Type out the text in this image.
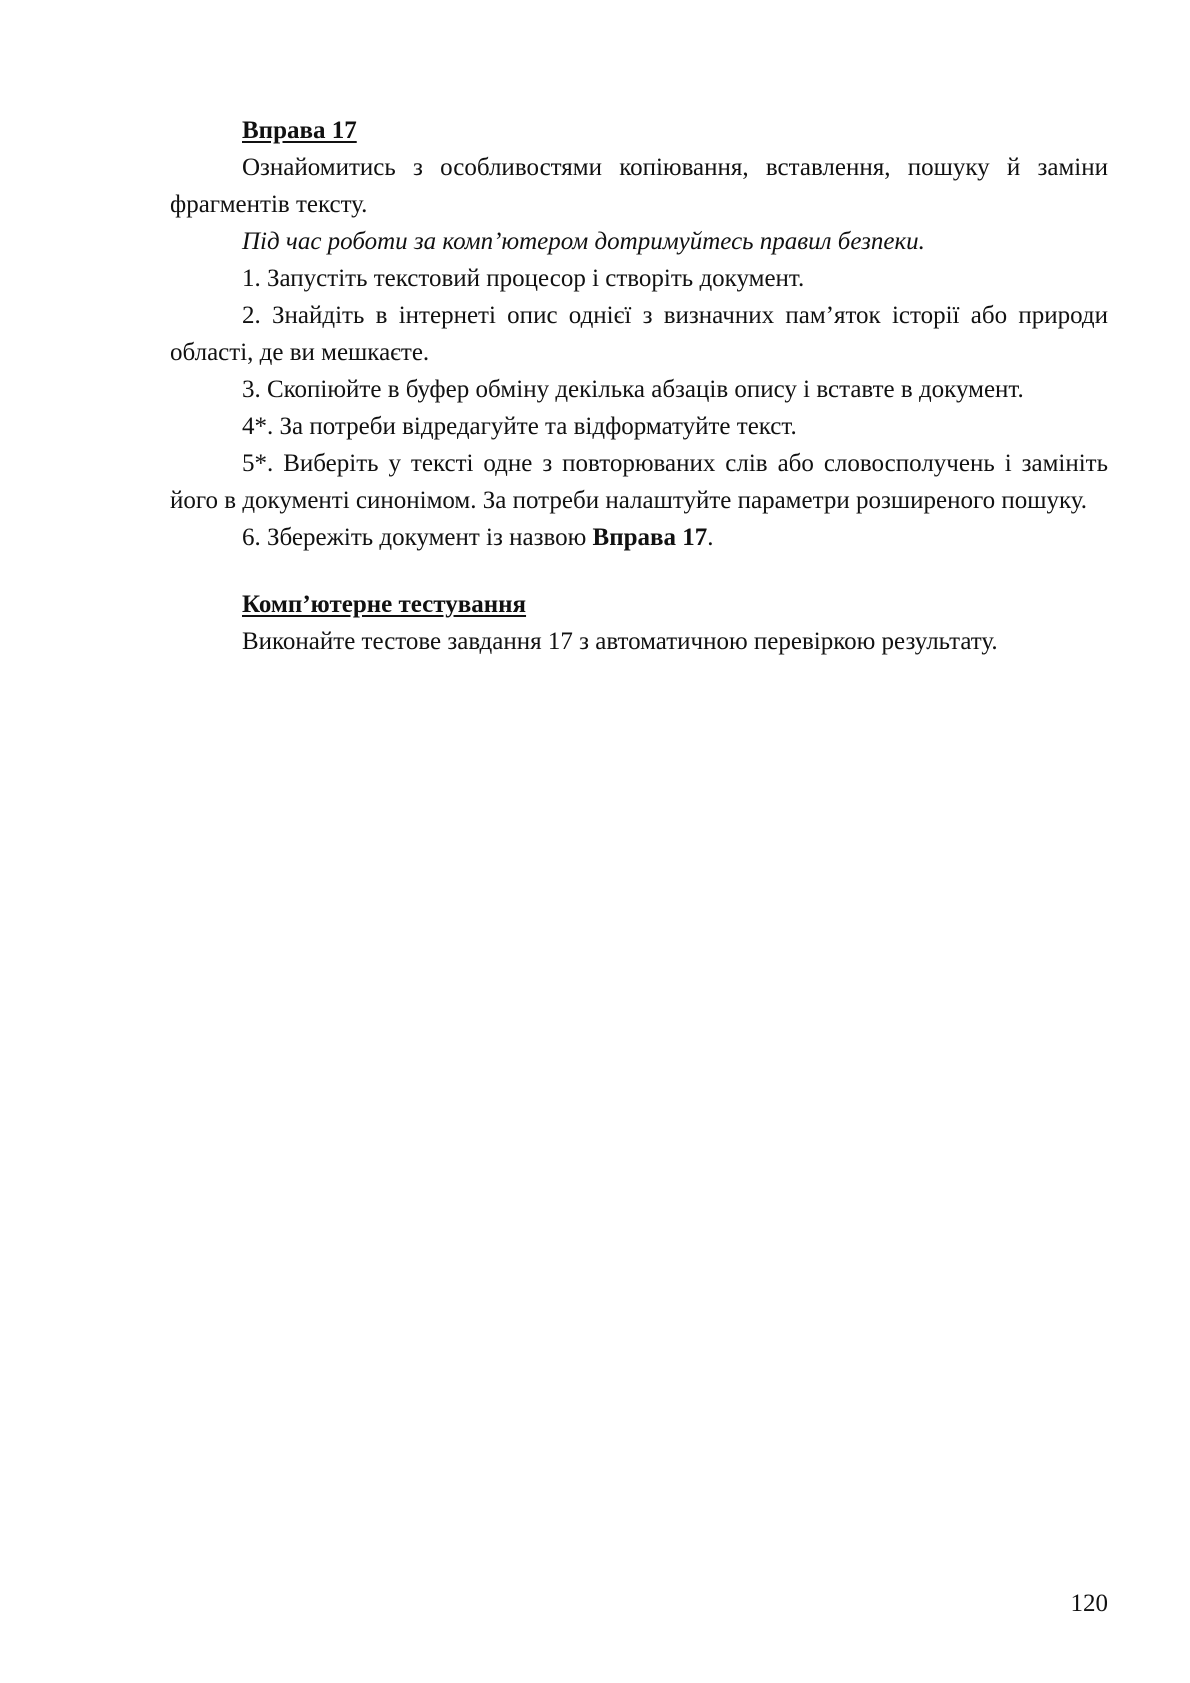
Вправа 17

Ознайомитись з особливостями копіювання, вставлення, пошуку й заміни фрагментів тексту.

Під час роботи за комп’ютером дотримуйтесь правил безпеки.

1. Запустіть текстовий процесор і створіть документ.

2. Знайдіть в інтернеті опис однієї з визначних пам’яток історії або природи області, де ви мешкаєте.

3. Скопіюйте в буфер обміну декілька абзаців опису і вставте в документ.

4*. За потреби відредагуйте та відформатуйте текст.

5*. Виберіть у тексті одне з повторюваних слів або словосполучень і замініть його в документі синонімом. За потреби налаштуйте параметри розширеного пошуку.

6. Збережіть документ із назвою Вправа 17.

Комп’ютерне тестування

Виконайте тестове завдання 17 з автоматичною перевіркою результату.

120
